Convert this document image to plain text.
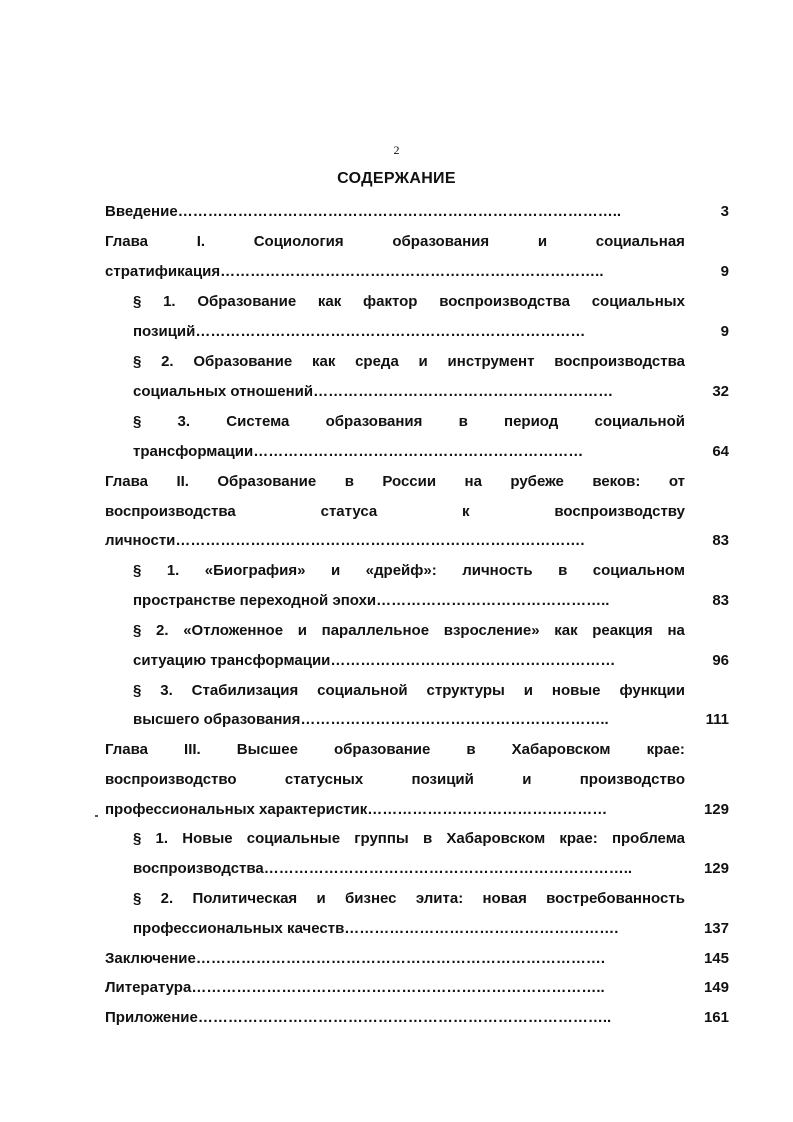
2
СОДЕРЖАНИЕ
Введение……………………………………………………………………………..	3
Глава	I.	Социология	образования	и	социальная
стратификация…………………………………………………………………..	9
§ 1. Образование как фактор воспроизводства социальных
позиций……………………………………………………………………	9
§ 2. Образование как среда и инструмент воспроизводства
социальных отношений……………………………………………………	32
§ 3. Система образования в период социальной
трансформации…………………………………………………………	64
Глава II. Образование в России на рубеже веков: от
воспроизводства	статуса	к	воспроизводству
личности……………………………………………………………………….	83
§ 1. «Биография» и «дрейф»: личность в социальном
пространстве переходной эпохи………………………………………..	83
§ 2. «Отложенное и параллельное взросление» как реакция на
ситуацию трансформации…………………………………………………	96
§ 3. Стабилизация социальной структуры и новые функции
высшего образования……………………………………………………..	111
Глава III. Высшее образование в Хабаровском крае:
воспроизводство	статусных	позиций	и	производство
профессиональных характеристик…………………………………………	129
§ 1. Новые социальные группы в Хабаровском крае: проблема
воспроизводства………………………………………………………………..	129
§ 2. Политическая и бизнес элита: новая востребованность
профессиональных качеств……………………………………………….	137
Заключение……………………………………………………………………….	145
Литература………………………………………………………………………..	149
Приложение………………………………………………………………………..	161
